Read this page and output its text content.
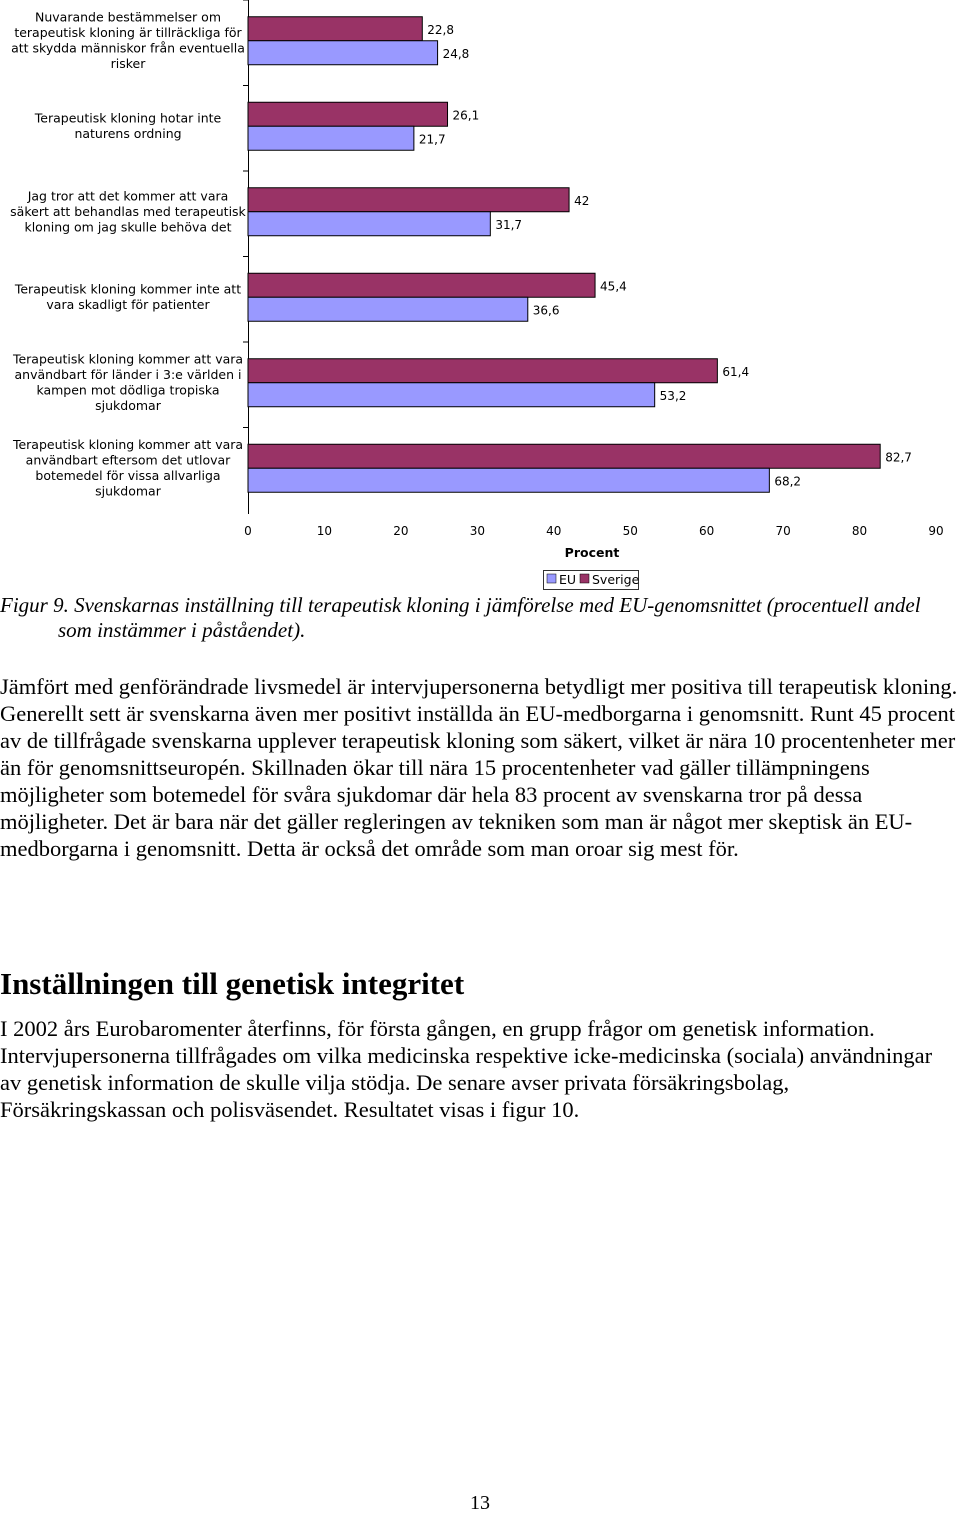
Nuvarande bestämmelser om terapeutisk kloning är tillräckliga för att skydda människor från eventuella risker
Terapeutisk kloning hotar inte naturens ordning
Jag tror att det kommer att vara säkert att behandlas med terapeutisk kloning om jag skulle behöva det
Terapeutisk kloning kommer inte att vara skadligt för patienter
Terapeutisk kloning kommer att vara användbart för länder i 3:e världen i kampen mot dödliga tropiska sjukdomar
Terapeutisk kloning kommer att vara användbart eftersom det utlovar botemedel för vissa allvarliga sjukdomar
22,8
24,8
26,1
21,7
42
31,7
45,4
36,6
61,4
53,2
82,7
68,2
0	10	20	30	40	50	60	70	80	90
Procent
EU Sverige
Figur 9. Svenskarnas inställning till terapeutisk kloning i jämförelse med EU-genomsnittet (procentuell andel som instämmer i påståendet).

Jämfört med genförändrade livsmedel är intervjupersonerna betydligt mer positiva till terapeutisk kloning. Generellt sett är svenskarna även mer positivt inställda än EU-medborgarna i genomsnitt. Runt 45 procent av de tillfrågade svenskarna upplever terapeutisk kloning som säkert, vilket är nära 10 procentenheter mer än för genomsnittseuropén. Skillnaden ökar till nära 15 procentenheter vad gäller tillämpningens möjligheter som botemedel för svåra sjukdomar där hela 83 procent av svenskarna tror på dessa möjligheter. Det är bara när det gäller regleringen av tekniken som man är något mer skeptisk än EU-medborgarna i genomsnitt. Detta är också det område som man oroar sig mest för.

Inställningen till genetisk integritet

I 2002 års Eurobaromenter återfinns, för första gången, en grupp frågor om genetisk information. Intervjupersonerna tillfrågades om vilka medicinska respektive icke-medicinska (sociala) användningar av genetisk information de skulle vilja stödja. De senare avser privata försäkringsbolag, Försäkringskassan och polisväsendet. Resultatet visas i figur 10.

13
